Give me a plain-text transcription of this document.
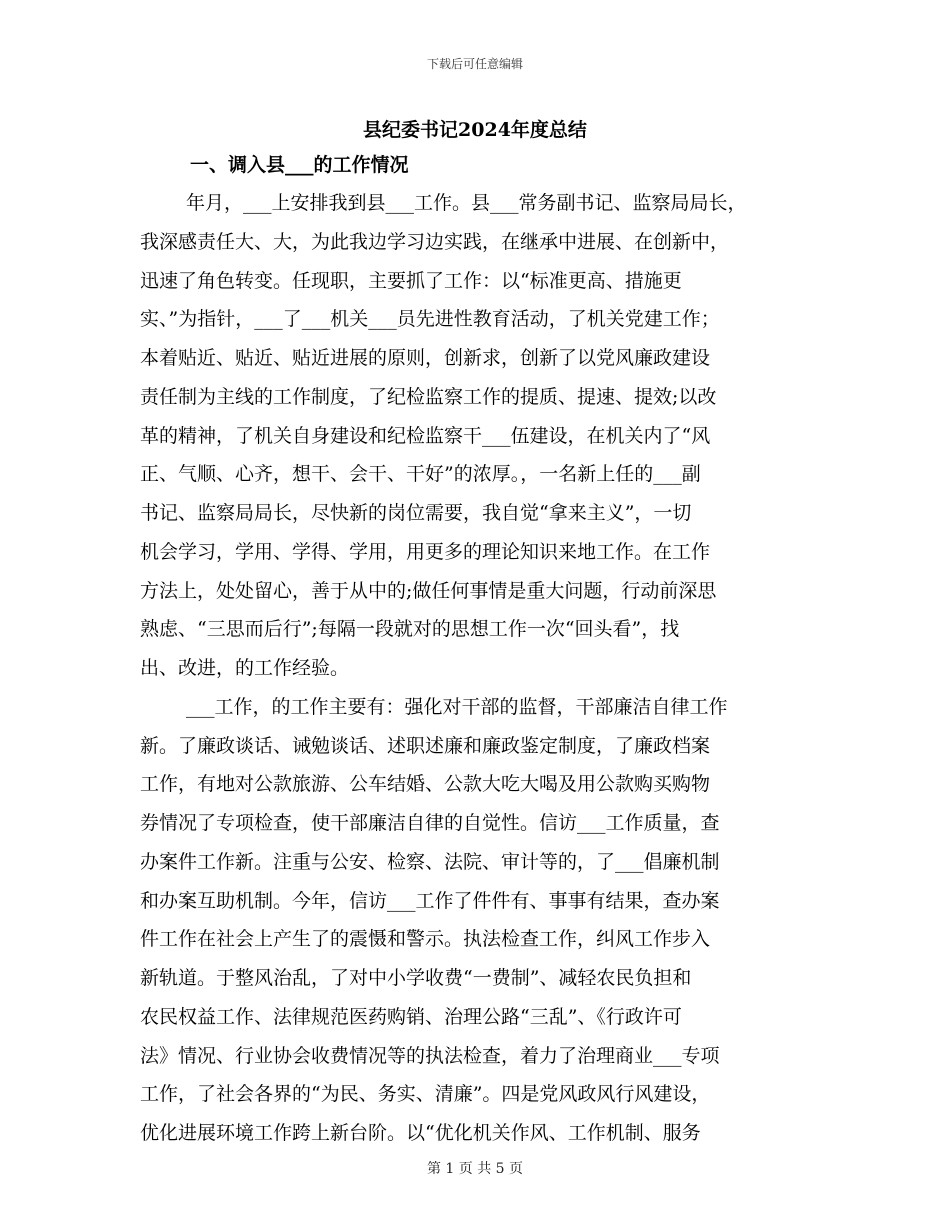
下载后可任意编辑
县纪委书记2024年度总结
一、调入县___的工作情况
年月，___上安排我到县___工作。县___常务副书记、监察局局长，
我深感责任大、大，为此我边学习边实践，在继承中进展、在创新中，
迅速了角色转变。任现职，主要抓了工作：以“标准更高、措施更
实、”为指针，___了___机关___员先进性教育活动，了机关党建工作；
本着贴近、贴近、贴近进展的原则，创新求，创新了以党风廉政建设
责任制为主线的工作制度，了纪检监察工作的提质、提速、提效;以改
革的精神，了机关自身建设和纪检监察干___伍建设，在机关内了“风
正、气顺、心齐，想干、会干、干好”的浓厚。，一名新上任的___副
书记、监察局局长，尽快新的岗位需要，我自觉“拿来主义”，一切
机会学习，学用、学得、学用，用更多的理论知识来地工作。在工作
方法上，处处留心，善于从中的;做任何事情是重大问题，行动前深思
熟虑、“三思而后行”;每隔一段就对的思想工作一次“回头看”，找
出、改进，的工作经验。
___工作，的工作主要有：强化对干部的监督，干部廉洁自律工作
新。了廉政谈话、诫勉谈话、述职述廉和廉政鉴定制度，了廉政档案
工作，有地对公款旅游、公车结婚、公款大吃大喝及用公款购买购物
券情况了专项检查，使干部廉洁自律的自觉性。信访___工作质量，查
办案件工作新。注重与公安、检察、法院、审计等的，了___倡廉机制
和办案互助机制。今年，信访___工作了件件有、事事有结果，查办案
件工作在社会上产生了的震慑和警示。执法检查工作，纠风工作步入
新轨道。于整风治乱，了对中小学收费“一费制”、减轻农民负担和
农民权益工作、法律规范医药购销、治理公路“三乱”、《行政许可
法》情况、行业协会收费情况等的执法检查，着力了治理商业___专项
工作，了社会各界的“为民、务实、清廉”。四是党风政风行风建设，
优化进展环境工作跨上新台阶。以“优化机关作风、工作机制、服务
第 1 页 共 5 页
